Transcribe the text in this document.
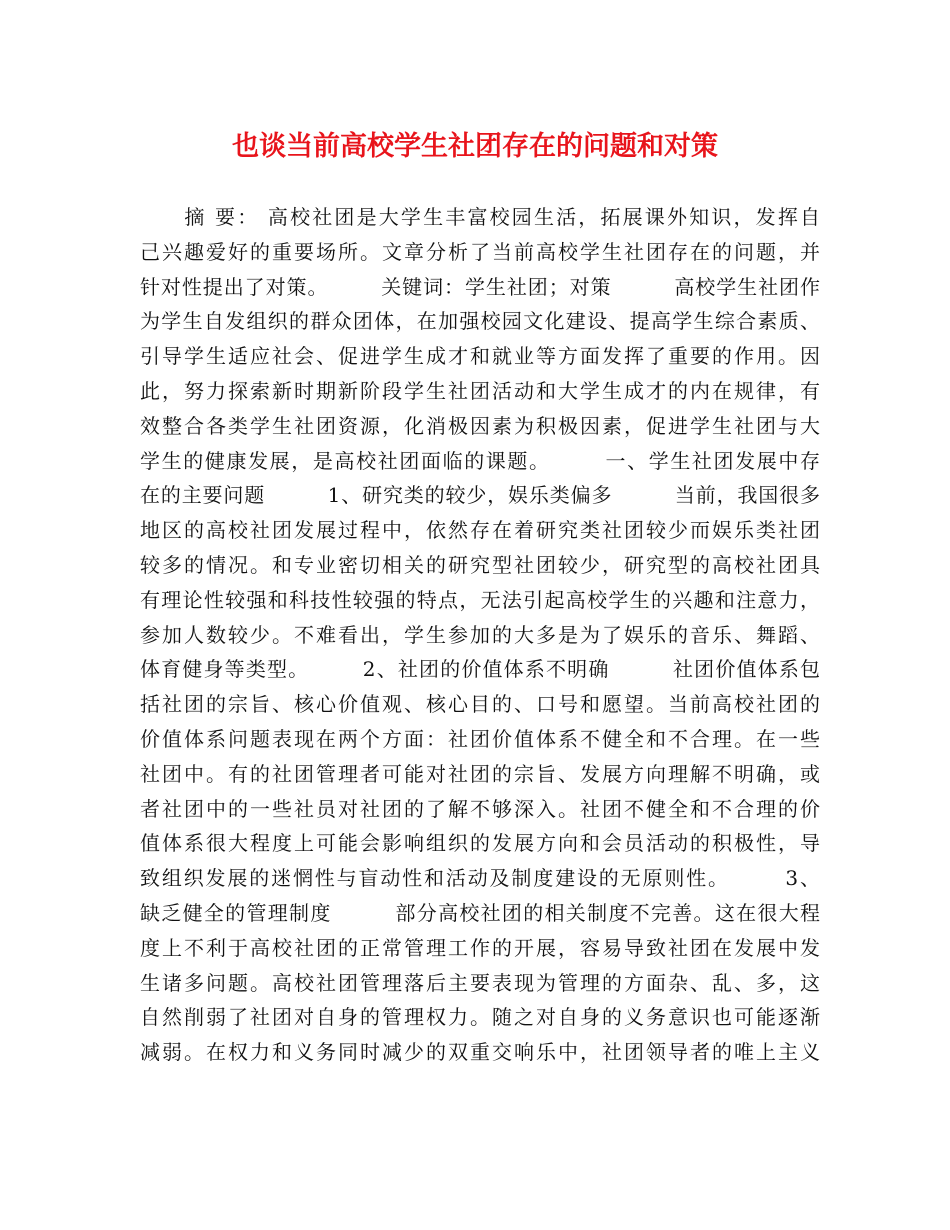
也谈当前高校学生社团存在的问题和对策
　　摘 要： 高校社团是大学生丰富校园生活，拓展课外知识，发挥自
己兴趣爱好的重要场所。文章分析了当前高校学生社团存在的问题，并
针对性提出了对策。　　　关键词：学生社团；对策　　　高校学生社团作
为学生自发组织的群众团体，在加强校园文化建设、提高学生综合素质、
引导学生适应社会、促进学生成才和就业等方面发挥了重要的作用。因
此，努力探索新时期新阶段学生社团活动和大学生成才的内在规律，有
效整合各类学生社团资源，化消极因素为积极因素，促进学生社团与大
学生的健康发展，是高校社团面临的课题。　　　一、学生社团发展中存
在的主要问题　　　1、研究类的较少，娱乐类偏多　　　当前，我国很多
地区的高校社团发展过程中，依然存在着研究类社团较少而娱乐类社团
较多的情况。和专业密切相关的研究型社团较少，研究型的高校社团具
有理论性较强和科技性较强的特点，无法引起高校学生的兴趣和注意力，
参加人数较少。不难看出，学生参加的大多是为了娱乐的音乐、舞蹈、
体育健身等类型。　　　2、社团的价值体系不明确　　　社团价值体系包
括社团的宗旨、核心价值观、核心目的、口号和愿望。当前高校社团的
价值体系问题表现在两个方面：社团价值体系不健全和不合理。在一些
社团中。有的社团管理者可能对社团的宗旨、发展方向理解不明确，或
者社团中的一些社员对社团的了解不够深入。社团不健全和不合理的价
值体系很大程度上可能会影响组织的发展方向和会员活动的积极性，导
致组织发展的迷惘性与盲动性和活动及制度建设的无原则性。　　　3、
缺乏健全的管理制度　　　部分高校社团的相关制度不完善。这在很大程
度上不利于高校社团的正常管理工作的开展，容易导致社团在发展中发
生诸多问题。高校社团管理落后主要表现为管理的方面杂、乱、多，这
自然削弱了社团对自身的管理权力。随之对自身的义务意识也可能逐渐
减弱。在权力和义务同时减少的双重交响乐中，社团领导者的唯上主义
